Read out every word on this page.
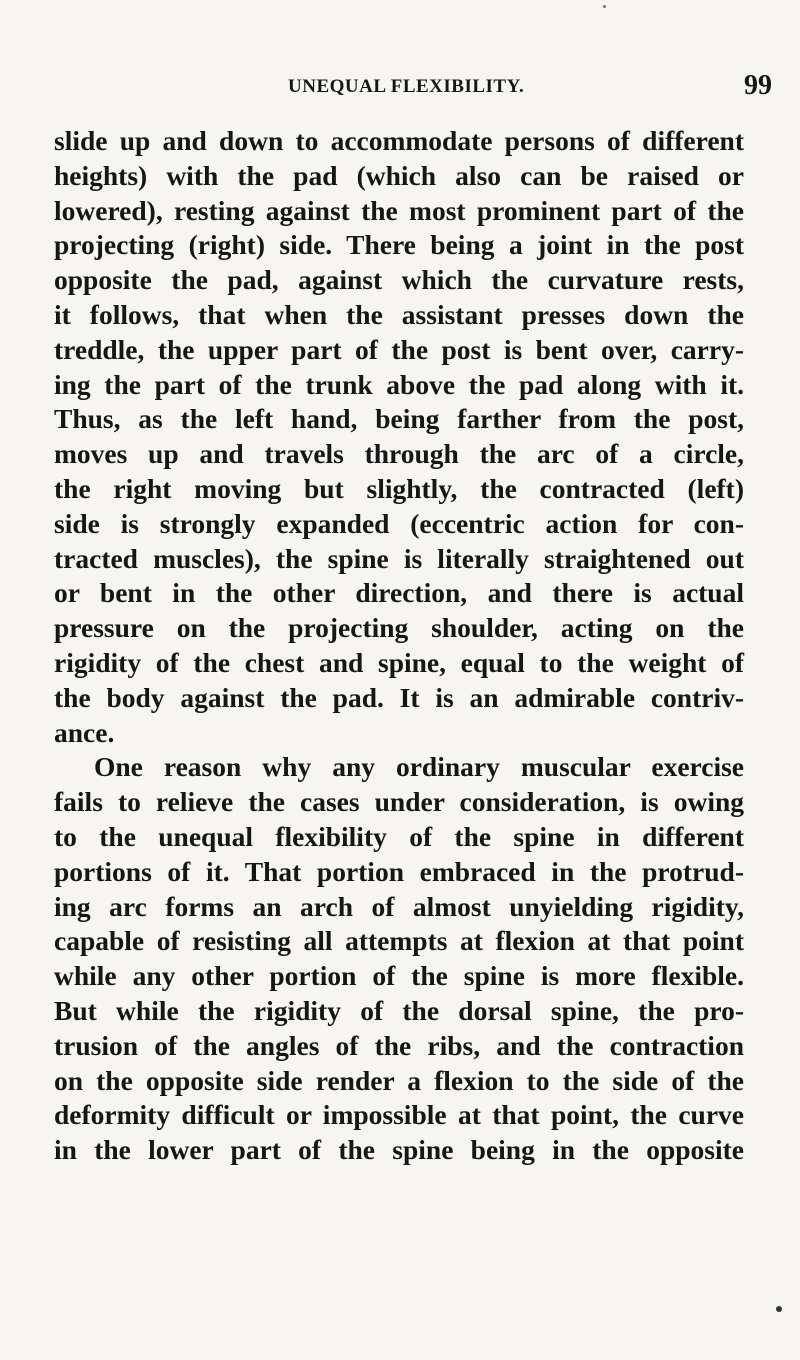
UNEQUAL FLEXIBILITY.	99
slide up and down to accommodate persons of different
heights) with the pad (which also can be raised or
lowered), resting against the most prominent part of the
projecting (right) side. There being a joint in the post
opposite the pad, against which the curvature rests,
it follows, that when the assistant presses down the
treddle, the upper part of the post is bent over, carry-
ing the part of the trunk above the pad along with it.
Thus, as the left hand, being farther from the post,
moves up and travels through the arc of a circle,
the right moving but slightly, the contracted (left)
side is strongly expanded (eccentric action for con-
tracted muscles), the spine is literally straightened out
or bent in the other direction, and there is actual
pressure on the projecting shoulder, acting on the
rigidity of the chest and spine, equal to the weight of
the body against the pad. It is an admirable contriv-
ance.
One reason why any ordinary muscular exercise
fails to relieve the cases under consideration, is owing
to the unequal flexibility of the spine in different
portions of it. That portion embraced in the protrud-
ing arc forms an arch of almost unyielding rigidity,
capable of resisting all attempts at flexion at that point
while any other portion of the spine is more flexible.
But while the rigidity of the dorsal spine, the pro-
trusion of the angles of the ribs, and the contraction
on the opposite side render a flexion to the side of the
deformity difficult or impossible at that point, the curve
in the lower part of the spine being in the opposite
